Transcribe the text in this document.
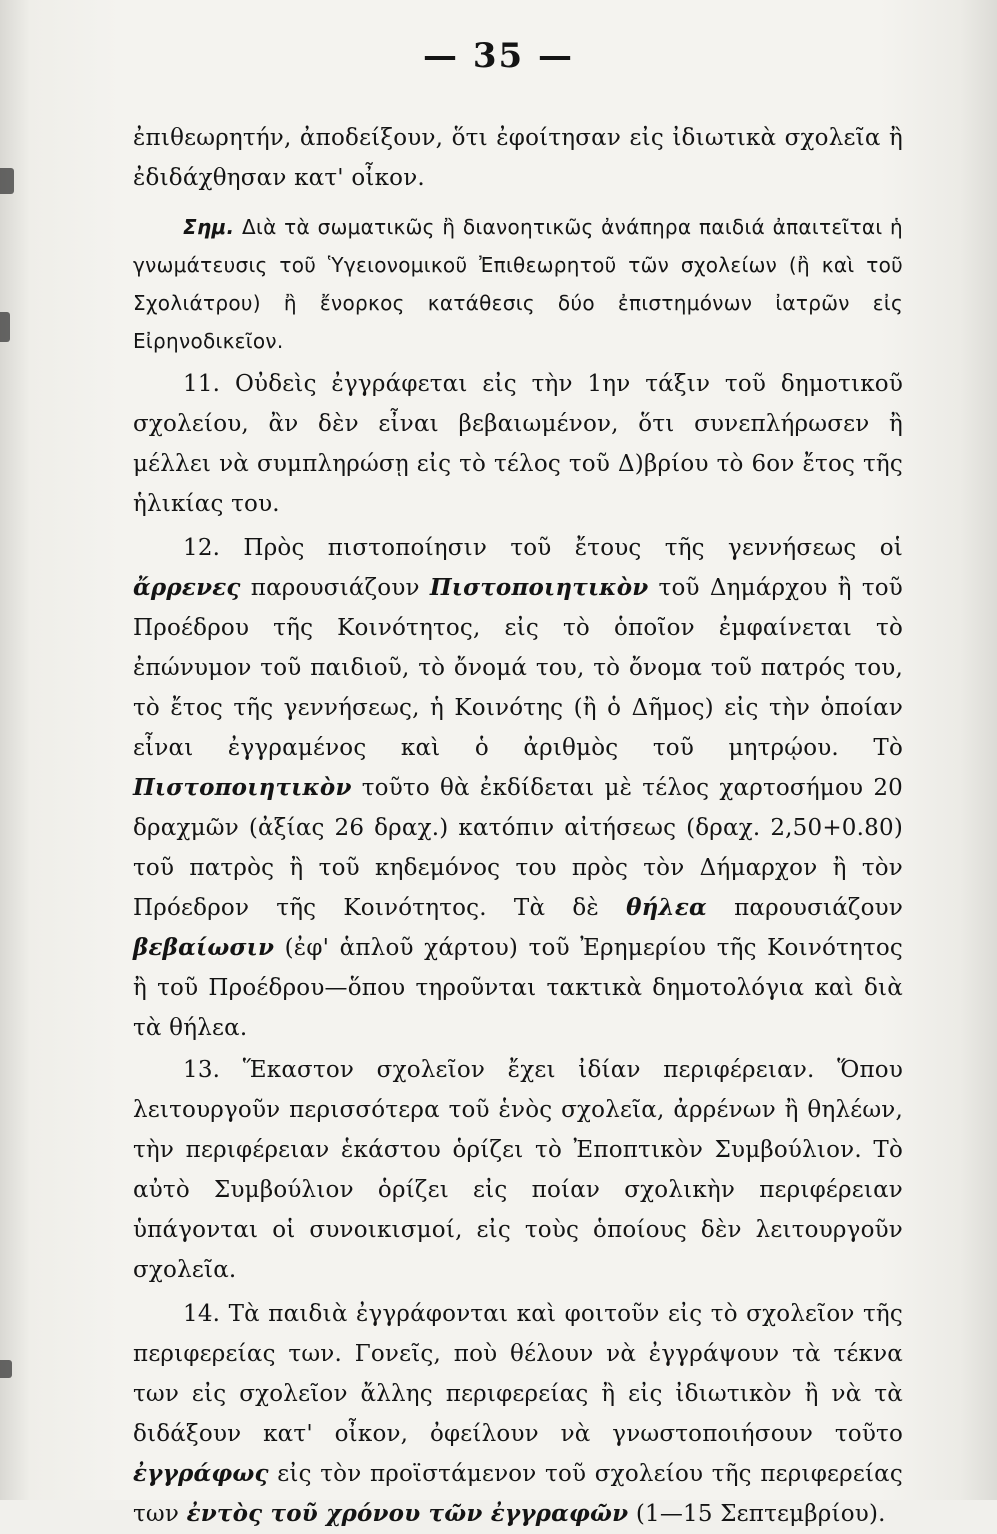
— 35 —

ἐπιθεωρητήν, ἀποδείξουν, ὅτι ἐφοίτησαν εἰς ἰδιωτικὰ σχολεῖα ἢ ἐδιδάχθησαν κατ' οἶκον.

Σημ. Διὰ τὰ σωματικῶς ἢ διανοητικῶς ἀνάπηρα παιδιά ἀπαιτεῖται ἡ γνωμάτευσις τοῦ Ὑγειονομικοῦ Ἐπιθεωρητοῦ τῶν σχολείων (ἢ καὶ τοῦ Σχολιάτρου) ἢ ἔνορκος κατάθεσις δύο ἐπιστημόνων ἰατρῶν εἰς Εἰρηνοδικεῖον.

11. Οὐδεὶς ἐγγράφεται εἰς τὴν 1ην τάξιν τοῦ δημοτικοῦ σχολείου, ἂν δὲν εἶναι βεβαιωμένον, ὅτι συνεπλήρωσεν ἢ μέλλει νὰ συμπληρώσῃ εἰς τὸ τέλος τοῦ Δ)βρίου τὸ 6ον ἔτος τῆς ἡλικίας του.

12. Πρὸς πιστοποίησιν τοῦ ἔτους τῆς γεννήσεως οἱ ἄρρενες παρουσιάζουν Πιστοποιητικὸν τοῦ Δημάρχου ἢ τοῦ Προέδρου τῆς Κοινότητος, εἰς τὸ ὁποῖον ἐμφαίνεται τὸ ἐπώνυμον τοῦ παιδιοῦ, τὸ ὄνομά του, τὸ ὄνομα τοῦ πατρός του, τὸ ἔτος τῆς γεννήσεως, ἡ Κοινότης (ἢ ὁ Δῆμος) εἰς τὴν ὁποίαν εἶναι ἐγγραμένος καὶ ὁ ἀριθμὸς τοῦ μητρῴου. Τὸ Πιστοποιητικὸν τοῦτο θὰ ἐκδίδεται μὲ τέλος χαρτοσήμου 20 δραχμῶν (ἀξίας 26 δραχ.) κατόπιν αἰτήσεως (δραχ. 2,50+0.80) τοῦ πατρὸς ἢ τοῦ κηδεμόνος του πρὸς τὸν Δήμαρχον ἢ τὸν Πρόεδρον τῆς Κοινότητος. Τὰ δὲ θήλεα παρουσιάζουν βεβαίωσιν (ἐφ' ἁπλοῦ χάρτου) τοῦ Ἐρημερίου τῆς Κοινότητος ἢ τοῦ Προέδρου—ὅπου τηροῦνται τακτικὰ δημοτολόγια καὶ διὰ τὰ θήλεα.

13. Ἕκαστον σχολεῖον ἔχει ἰδίαν περιφέρειαν. Ὅπου λειτουργοῦν περισσότερα τοῦ ἑνὸς σχολεῖα, ἀρρένων ἢ θηλέων, τὴν περιφέρειαν ἑκάστου ὁρίζει τὸ Ἐποπτικὸν Συμβούλιον. Τὸ αὐτὸ Συμβούλιον ὁρίζει εἰς ποίαν σχολικὴν περιφέρειαν ὑπάγονται οἱ συνοικισμοί, εἰς τοὺς ὁποίους δὲν λειτουργοῦν σχολεῖα.

14. Τὰ παιδιὰ ἐγγράφονται καὶ φοιτοῦν εἰς τὸ σχολεῖον τῆς περιφερείας των. Γονεῖς, ποὺ θέλουν νὰ ἐγγράψουν τὰ τέκνα των εἰς σχολεῖον ἄλλης περιφερείας ἢ εἰς ἰδιωτικὸν ἢ νὰ τὰ διδάξουν κατ' οἶκον, ὀφείλουν νὰ γνωστοποιήσουν τοῦτο ἐγγράφως εἰς τὸν προϊστάμενον τοῦ σχολείου τῆς περιφερείας των ἐντὸς τοῦ χρόνου τῶν ἐγγραφῶν (1—15 Σεπτεμβρίου).
